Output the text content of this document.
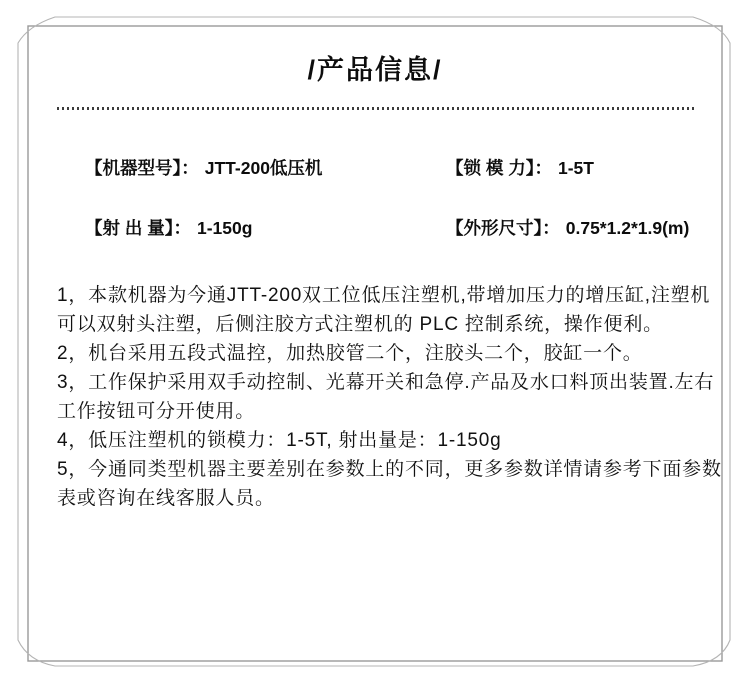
/产品信息/
【机器型号】： JTT-200低压机	【锁 模 力】： 1-5T
【射 出 量】： 1-150g	【外形尺寸】： 0.75*1.2*1.9(m)

1，本款机器为今通JTT-200双工位低压注塑机,带增加压力的增压缸,注塑机可以双射头注塑，后侧注胶方式注塑机的 PLC 控制系统，操作便利。

2，机台采用五段式温控，加热胶管二个，注胶头二个，胶缸一个。

3，工作保护采用双手动控制、光幕开关和急停.产品及水口料顶出装置.左右工作按钮可分开使用。

4，低压注塑机的锁模力：1-5T, 射出量是：1-150g

5，今通同类型机器主要差别在参数上的不同，更多参数详情请参考下面参数表或咨询在线客服人员。
